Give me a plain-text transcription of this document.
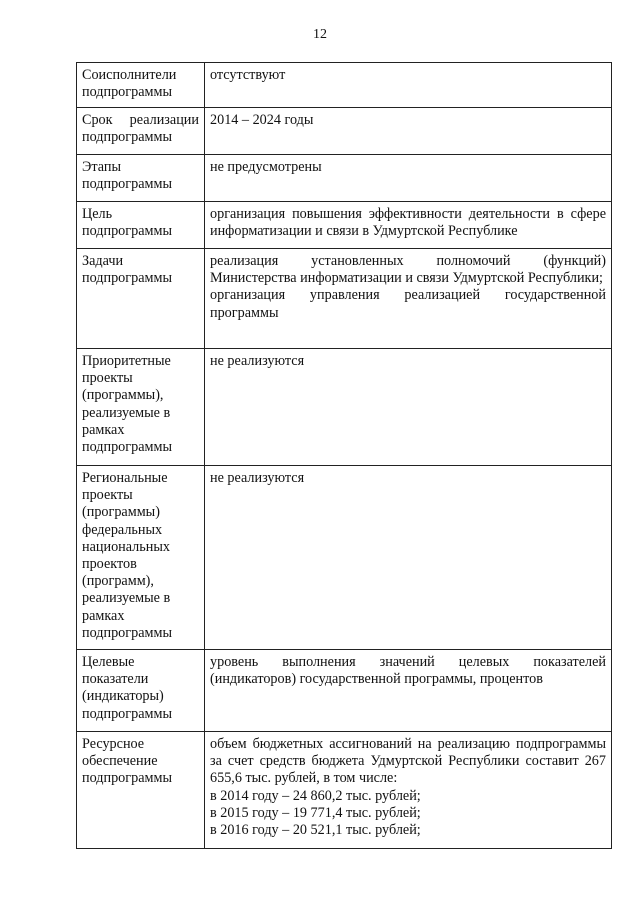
12
Соисполнители подпрограммы	отсутствуют

Срок реализации
подпрограммы	2014 – 2024 годы

Этапы подпрограммы	не предусмотрены

Цель подпрограммы	организация повышения эффективности деятельности в сфере информатизации и связи в Удмуртской Республике

Задачи подпрограммы	реализация установленных полномочий (функций) Министерства информатизации и связи Удмуртской Республики;
организация управления реализацией государственной программы

Приоритетные проекты (программы), реализуемые в рамках подпрограммы	не реализуются

Региональные проекты (программы) федеральных национальных проектов (программ), реализуемые в рамках подпрограммы	не реализуются

Целевые показатели (индикаторы) подпрограммы	уровень выполнения значений целевых показателей (индикаторов) государственной программы, процентов

Ресурсное обеспечение подпрограммы	объем бюджетных ассигнований на реализацию подпрограммы за счет средств бюджета Удмуртской Республики составит 267 655,6 тыс. рублей, в том числе:
в 2014 году – 24 860,2 тыс. рублей;
в 2015 году – 19 771,4 тыс. рублей;
в 2016 году – 20 521,1 тыс. рублей;
